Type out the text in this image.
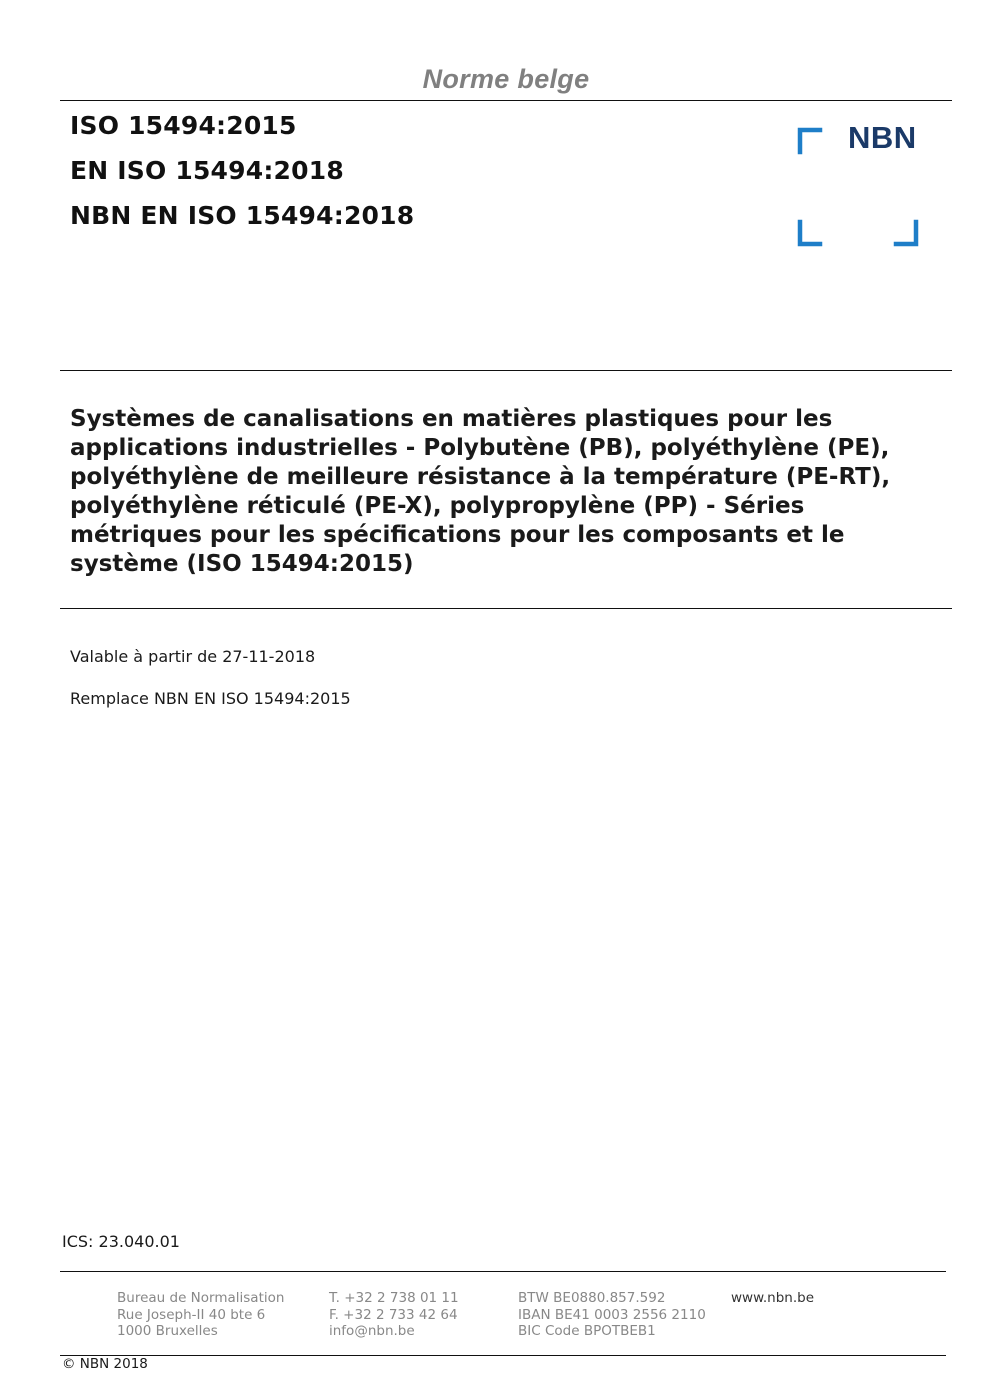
Norme belge
ISO 15494:2015
EN ISO 15494:2018
NBN EN ISO 15494:2018
NBN
Systèmes de canalisations en matières plastiques pour les
applications industrielles - Polybutène (PB), polyéthylène (PE),
polyéthylène de meilleure résistance à la température (PE-RT),
polyéthylène réticulé (PE-X), polypropylène (PP) - Séries
métriques pour les spécifications pour les composants et le
système (ISO 15494:2015)
Valable à partir de 27-11-2018
Remplace NBN EN ISO 15494:2015
ICS: 23.040.01
Bureau de Normalisation
Rue Joseph-II 40 bte 6
1000 Bruxelles
T. +32 2 738 01 11
F. +32 2 733 42 64
info@nbn.be
BTW BE0880.857.592
IBAN BE41 0003 2556 2110
BIC Code BPOTBEB1
www.nbn.be
© NBN 2018
